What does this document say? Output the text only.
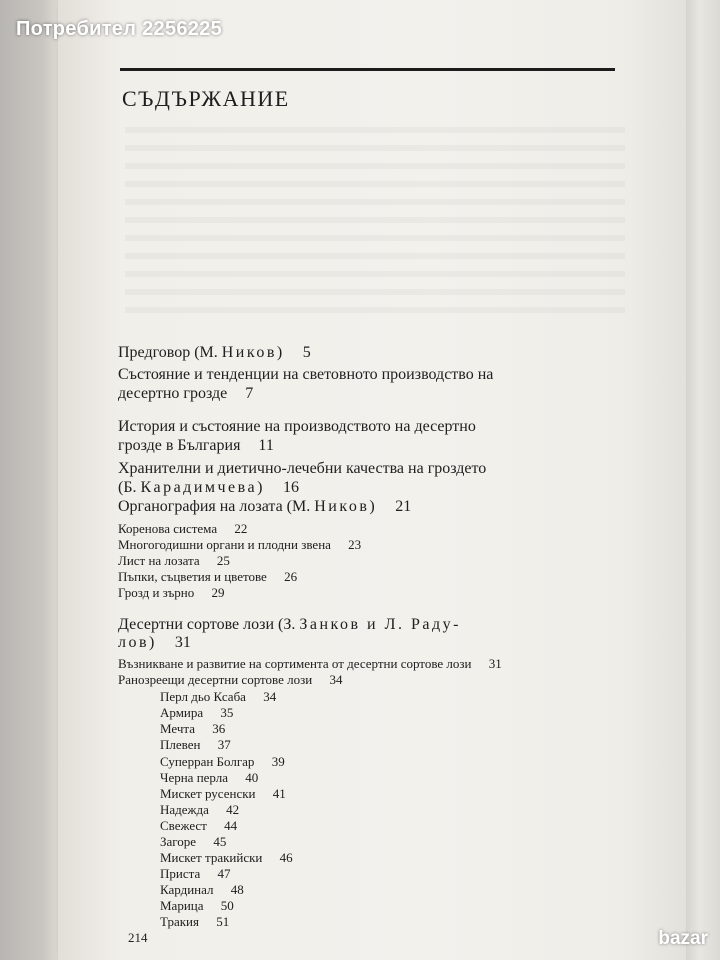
Потребител 2256225
СЪДЪРЖАНИЕ
Предговор (М. Ников) 5
Състояние и тенденции на световното производство на
десертно грозде 7
История и състояние на производството на десертно
грозде в България 11
Хранителни и диетично-лечебни качества на гроздето
(Б. Карадимчева) 16
Органография на лозата (М. Ников) 21
Коренова система 22
Многогодишни органи и плодни звена 23
Лист на лозата 25
Пъпки, съцветия и цветове 26
Грозд и зърно 29
Десертни сортове лози (З. Занков и Л. Раду-
лов) 31
Възникване и развитие на сортимента от десертни сортове лози 31
Ранозреещи десертни сортове лози 34
Перл дьо Ксаба 34
Армира 35
Мечта 36
Плевен 37
Суперран Болгар 39
Черна перла 40
Мискет русенски 41
Надежда 42
Свежест 44
Загоре 45
Мискет тракийски 46
Приста 47
Кардинал 48
Марица 50
Тракия 51
214	bazar
